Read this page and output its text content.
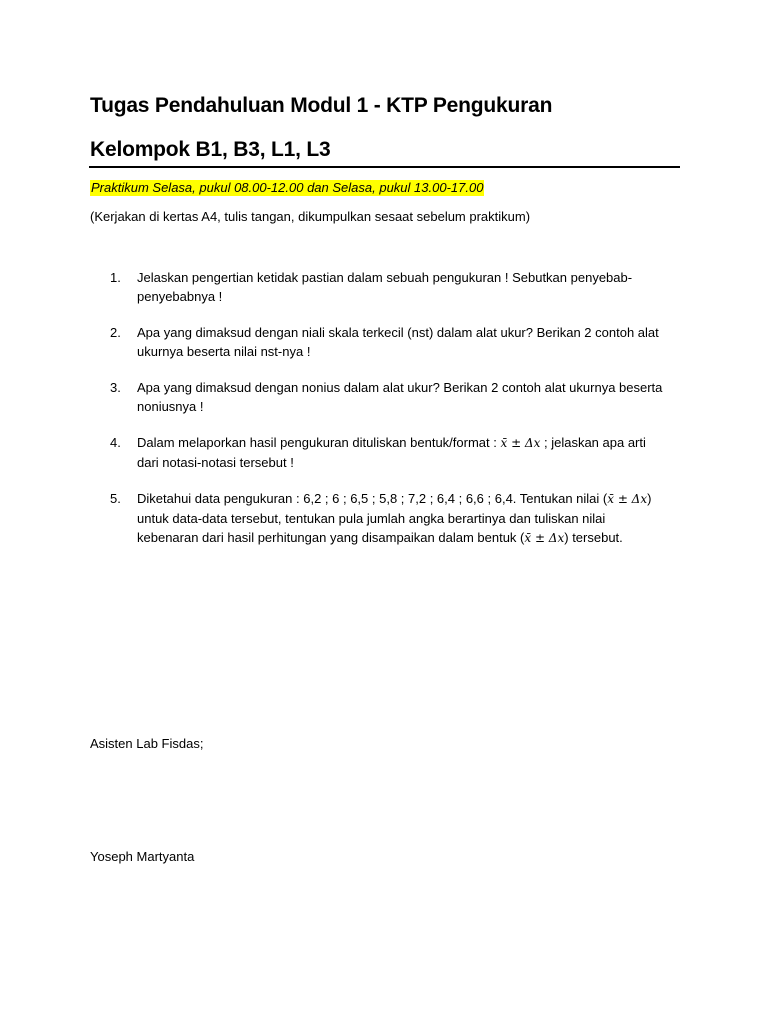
Tugas Pendahuluan Modul 1 - KTP Pengukuran
Kelompok B1, B3, L1, L3
Praktikum Selasa, pukul 08.00-12.00 dan Selasa, pukul 13.00-17.00
(Kerjakan di kertas A4, tulis tangan, dikumpulkan sesaat sebelum praktikum)
1. Jelaskan pengertian ketidak pastian dalam sebuah pengukuran ! Sebutkan penyebab-penyebabnya !
2. Apa yang dimaksud dengan niali skala terkecil (nst) dalam alat ukur? Berikan 2 contoh alat ukurnya beserta nilai nst-nya !
3. Apa yang dimaksud dengan nonius dalam alat ukur? Berikan 2 contoh alat ukurnya beserta noniusnya !
4. Dalam melaporkan hasil pengukuran dituliskan bentuk/format : x̄ ± Δx ; jelaskan apa arti dari notasi-notasi tersebut !
5. Diketahui data pengukuran : 6,2 ; 6 ; 6,5 ; 5,8 ; 7,2 ; 6,4 ; 6,6 ; 6,4. Tentukan nilai (x̄ ± Δx) untuk data-data tersebut, tentukan pula jumlah angka berartinya dan tuliskan nilai kebenaran dari hasil perhitungan yang disampaikan dalam bentuk (x̄ ± Δx) tersebut.
Asisten Lab Fisdas;
Yoseph Martyanta
